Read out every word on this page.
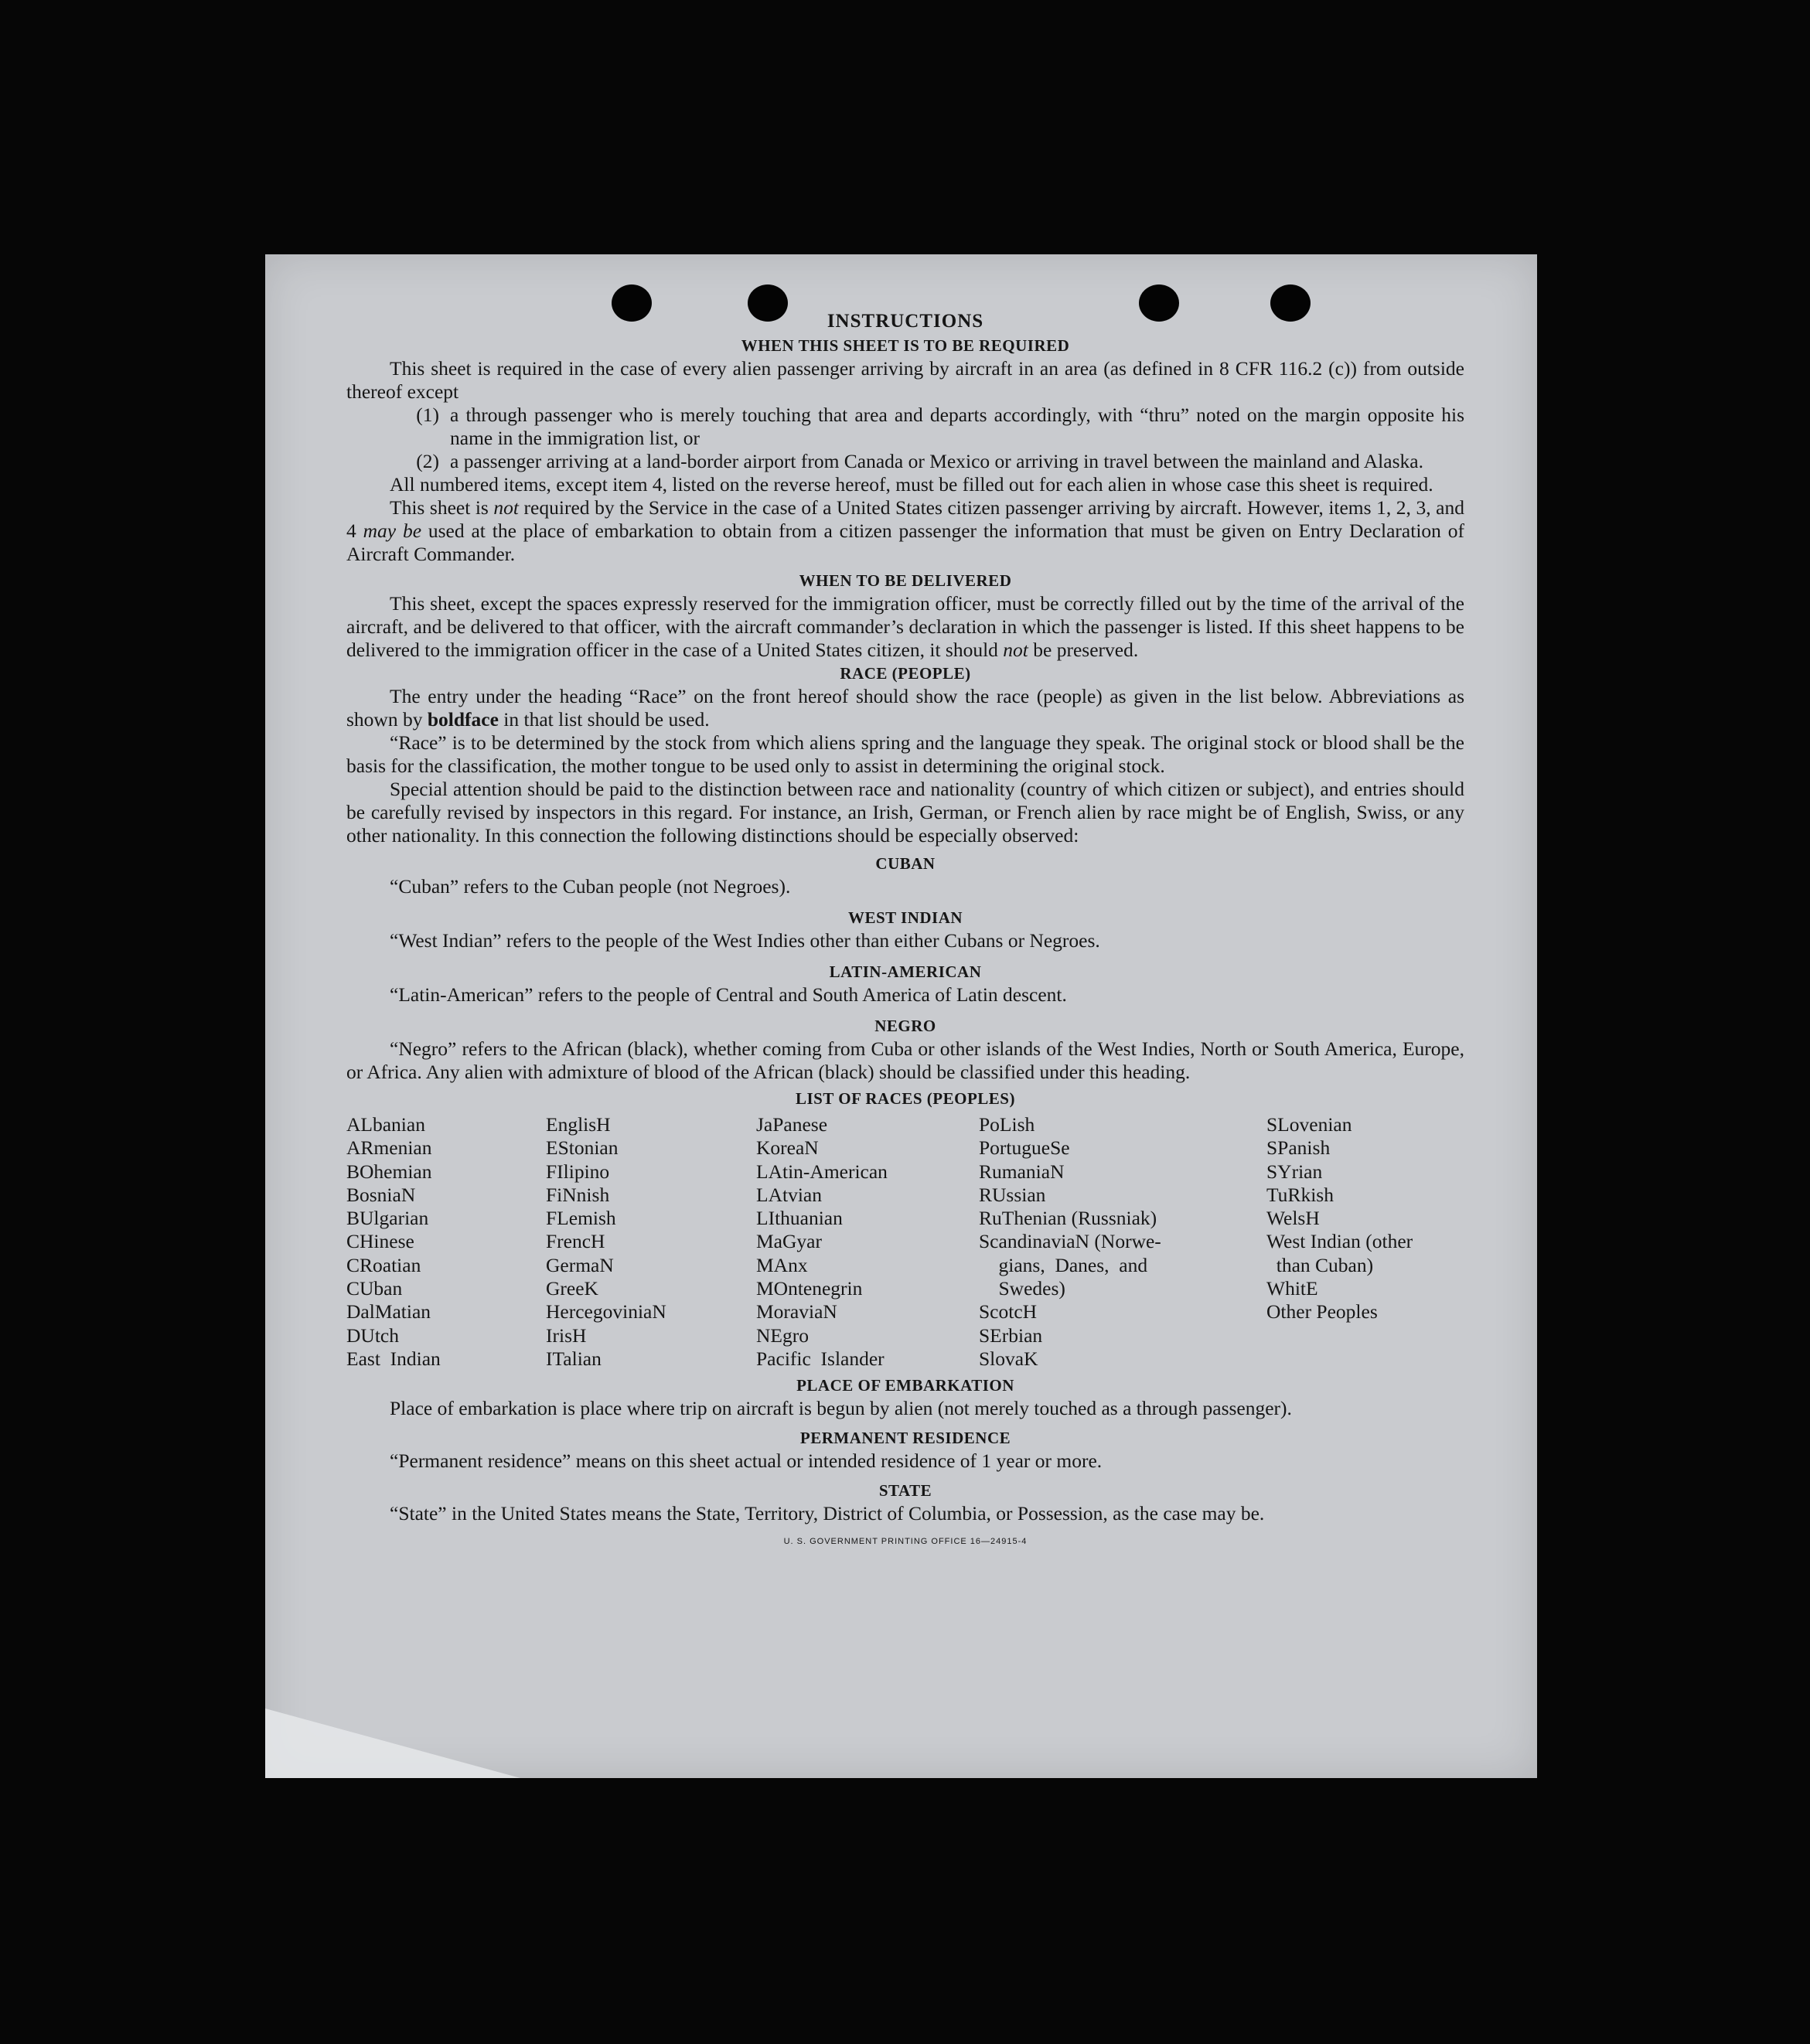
INSTRUCTIONS
WHEN THIS SHEET IS TO BE REQUIRED

This sheet is required in the case of every alien passenger arriving by aircraft in an area (as defined in 8 CFR 116.2 (c)) from outside thereof except

(1) a through passenger who is merely touching that area and departs accordingly, with “thru” noted on the margin opposite his name in the immigration list, or
(2) a passenger arriving at a land-border airport from Canada or Mexico or arriving in travel between the mainland and Alaska.

All numbered items, except item 4, listed on the reverse hereof, must be filled out for each alien in whose case this sheet is required.

This sheet is not required by the Service in the case of a United States citizen passenger arriving by aircraft. However, items 1, 2, 3, and 4 may be used at the place of embarkation to obtain from a citizen passenger the information that must be given on Entry Declaration of Aircraft Commander.

WHEN TO BE DELIVERED

This sheet, except the spaces expressly reserved for the immigration officer, must be correctly filled out by the time of the arrival of the aircraft, and be delivered to that officer, with the aircraft commander’s declaration in which the passenger is listed. If this sheet happens to be delivered to the immigration officer in the case of a United States citizen, it should not be preserved.

RACE (PEOPLE)

The entry under the heading “Race” on the front hereof should show the race (people) as given in the list below. Abbreviations as shown by boldface in that list should be used.

“Race” is to be determined by the stock from which aliens spring and the language they speak. The original stock or blood shall be the basis for the classification, the mother tongue to be used only to assist in determining the original stock.

Special attention should be paid to the distinction between race and nationality (country of which citizen or subject), and entries should be carefully revised by inspectors in this regard. For instance, an Irish, German, or French alien by race might be of English, Swiss, or any other nationality. In this connection the following distinctions should be especially observed:

CUBAN

“Cuban” refers to the Cuban people (not Negroes).

WEST INDIAN

“West Indian” refers to the people of the West Indies other than either Cubans or Negroes.

LATIN-AMERICAN

“Latin-American” refers to the people of Central and South America of Latin descent.

NEGRO

“Negro” refers to the African (black), whether coming from Cuba or other islands of the West Indies, North or South America, Europe, or Africa. Any alien with admixture of blood of the African (black) should be classified under this heading.

LIST OF RACES (PEOPLES)
ALbanian
ARmenian
BOhemian
BosniaN
BUlgarian
CHinese
CRoatian
CUban
DalMatian
DUtch
East  Indian
EnglisH
EStonian
FIlipino
FiNnish
FLemish
FrencH
GermaN
GreeK
HercegoviniaN
IrisH
ITalian
JaPanese
KoreaN
LAtin-American
LAtvian
LIthuanian
MaGyar
MAnx
MOntenegrin
MoraviaN
NEgro
Pacific  Islander
PoLish
PortugueSe
RumaniaN
RUssian
RuThenian (Russniak)
ScandinaviaN (Norwe-
gians,  Danes,  and
Swedes)
ScotcH
SErbian
SlovaK
SLovenian
SPanish
SYrian
TuRkish
WelsH
West Indian (other
than Cuban)
WhitE
Other Peoples
PLACE OF EMBARKATION

Place of embarkation is place where trip on aircraft is begun by alien (not merely touched as a through passenger).

PERMANENT RESIDENCE

“Permanent residence” means on this sheet actual or intended residence of 1 year or more.

STATE

“State” in the United States means the State, Territory, District of Columbia, or Possession, as the case may be.

U. S. GOVERNMENT PRINTING OFFICE 16—24915-4
